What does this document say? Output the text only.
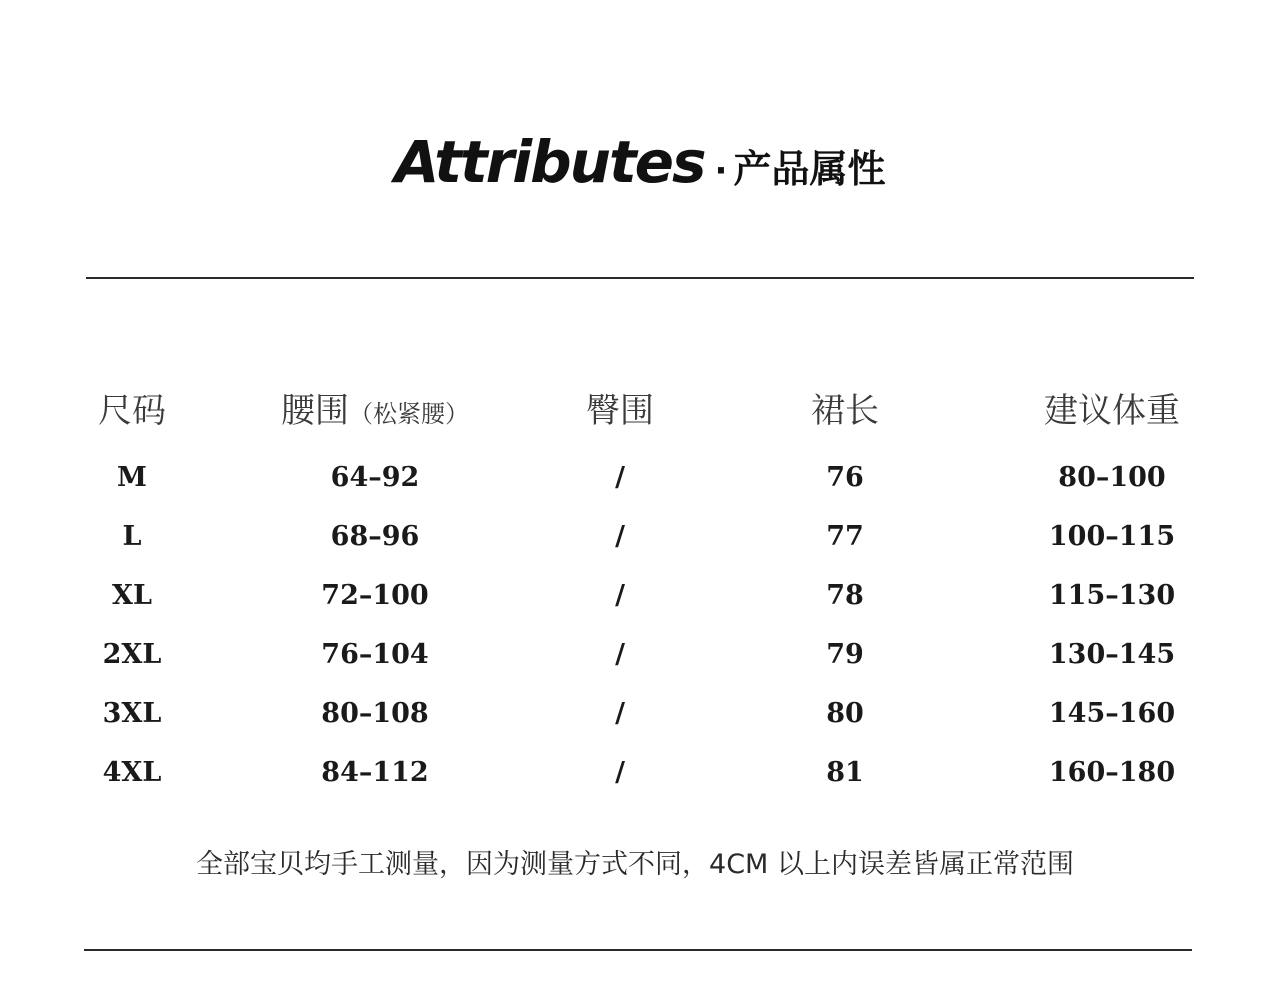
Attributes · 产品属性
尺码	腰围（松紧腰）	臀围	裙长	建议体重
M	64–92	/	76	80–100
L	68–96	/	77	100–115
XL	72–100	/	78	115–130
2XL	76–104	/	79	130–145
3XL	80–108	/	80	145–160
4XL	84–112	/	81	160–180
全部宝贝均手工测量，因为测量方式不同，4CM 以上内误差皆属正常范围
